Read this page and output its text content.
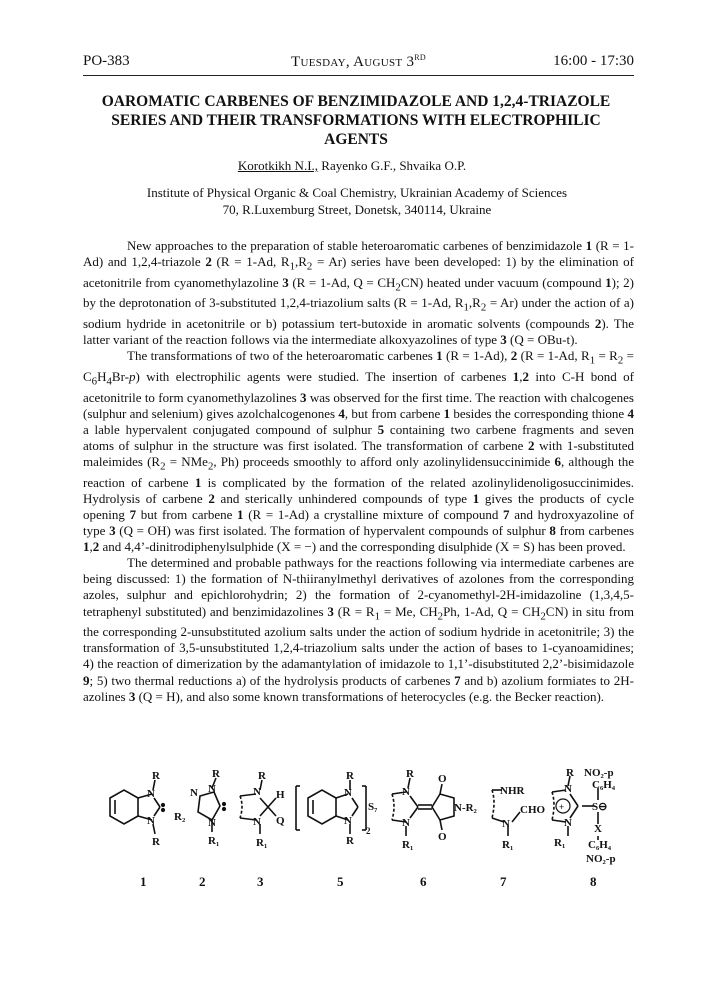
PO-383	Tuesday, August 3RD	16:00 - 17:30
OAROMATIC CARBENES OF BENZIMIDAZOLE AND 1,2,4-TRIAZOLE SERIES AND THEIR TRANSFORMATIONS WITH ELECTROPHILIC AGENTS
Korotkikh N.I., Rayenko G.F., Shvaika O.P.
Institute of Physical Organic & Coal Chemistry, Ukrainian Academy of Sciences
70, R.Luxemburg Street, Donetsk, 340114, Ukraine

New approaches to the preparation of stable heteroaromatic carbenes of benzimidazole 1 (R = 1-Ad) and 1,2,4-triazole 2 (R = 1-Ad, $R_1,R_2 = Ar$) series have been developed: 1) by the elimination of acetonitrile from cyanomethylazoline 3 (R = 1-Ad, $Q = CH_2CN$) heated under vacuum (compound 1); 2) by the deprotonation of 3-substituted 1,2,4-triazolium salts (R = 1-Ad, $R_1,R_2 = Ar$) under the action of a) sodium hydride in acetonitrile or b) potassium tert-butoxide in aromatic solvents (compounds 2). The latter variant of the reaction follows via the intermediate alkoxyazolines of type 3 (Q = OBu-t).

The transformations of two of the heteroaromatic carbenes 1 (R = 1-Ad), 2 (R = 1-Ad, $R_1 = R_2 = C_6H_4Br-p$) with electrophilic agents were studied. The insertion of carbenes 1,2 into C-H bond of acetonitrile to form cyanomethylazolines 3 was observed for the first time. The reaction with chalcogenes (sulphur and selenium) gives azolchalcogenones 4, but from carbene 1 besides the corresponding thione 4 a lable hypervalent conjugated compound of sulphur 5 containing two carbene fragments and seven atoms of sulphur in the structure was first isolated. The transformation of carbene 2 with 1-substituted maleimides ($R_2 = NMe_2$, Ph) proceeds smoothly to afford only azolinylidensuccinimide 6, although the reaction of carbene 1 is complicated by the formation of the related azolinylidenoligosuccinimides. Hydrolysis of carbene 2 and sterically unhindered compounds of type 1 gives the products of cycle opening 7 but from carbene 1 (R = 1-Ad) a crystalline mixture of compound 7 and hydroxyazoline of type 3 (Q = OH) was first isolated. The formation of hypervalent compounds of sulphur 8 from carbenes 1,2 and 4,4’-dinitrodiphenylsulphide (X = −) and the corresponding disulphide (X = S) has been proved.

The determined and probable pathways for the reactions following via intermediate carbenes are being discussed: 1) the formation of N-thiiranylmethyl derivatives of azolones from the corresponding azoles, sulphur and epichlorohydrin; 2) the formation of 2-cyanomethyl-2H-imidazoline (1,3,4,5-tetraphenyl substituted) and benzimidazolines 3 ($R = R_1 = Me$, $CH_2Ph$, 1-Ad, $Q = CH_2CN$) in situ from the corresponding 2-unsubstituted azolium salts under the action of sodium hydride in acetonitrile; 3) the transformation of 3,5-unsubstituted 1,2,4-triazolium salts under the action of bases to 1-cyanoamidines; 4) the reaction of dimerization by the adamantylation of imidazole to 1,1’-disubstituted 2,2’-bisimidazole 9; 5) two thermal reductions a) of the hydrolysis products of carbenes 7 and b) azolium formiates to 2H-azolines 3 (Q = H), and also some known transformations of heterocycles (e.g. the Becker reaction).

N
N
R
R
N
N
N
R
R₂
R₁
N
N
R
H
Q
R₁
N
N
R
R
S₇
2
N
N
R
R₁
O
O
N-R₂
NHR
N
CHO
R₁
N
N
+
R
R₁
S⊖
NO₂-p
C₆H₄
X
C₆H₄
NO₂-p
1	2	3	5	6	7	8
